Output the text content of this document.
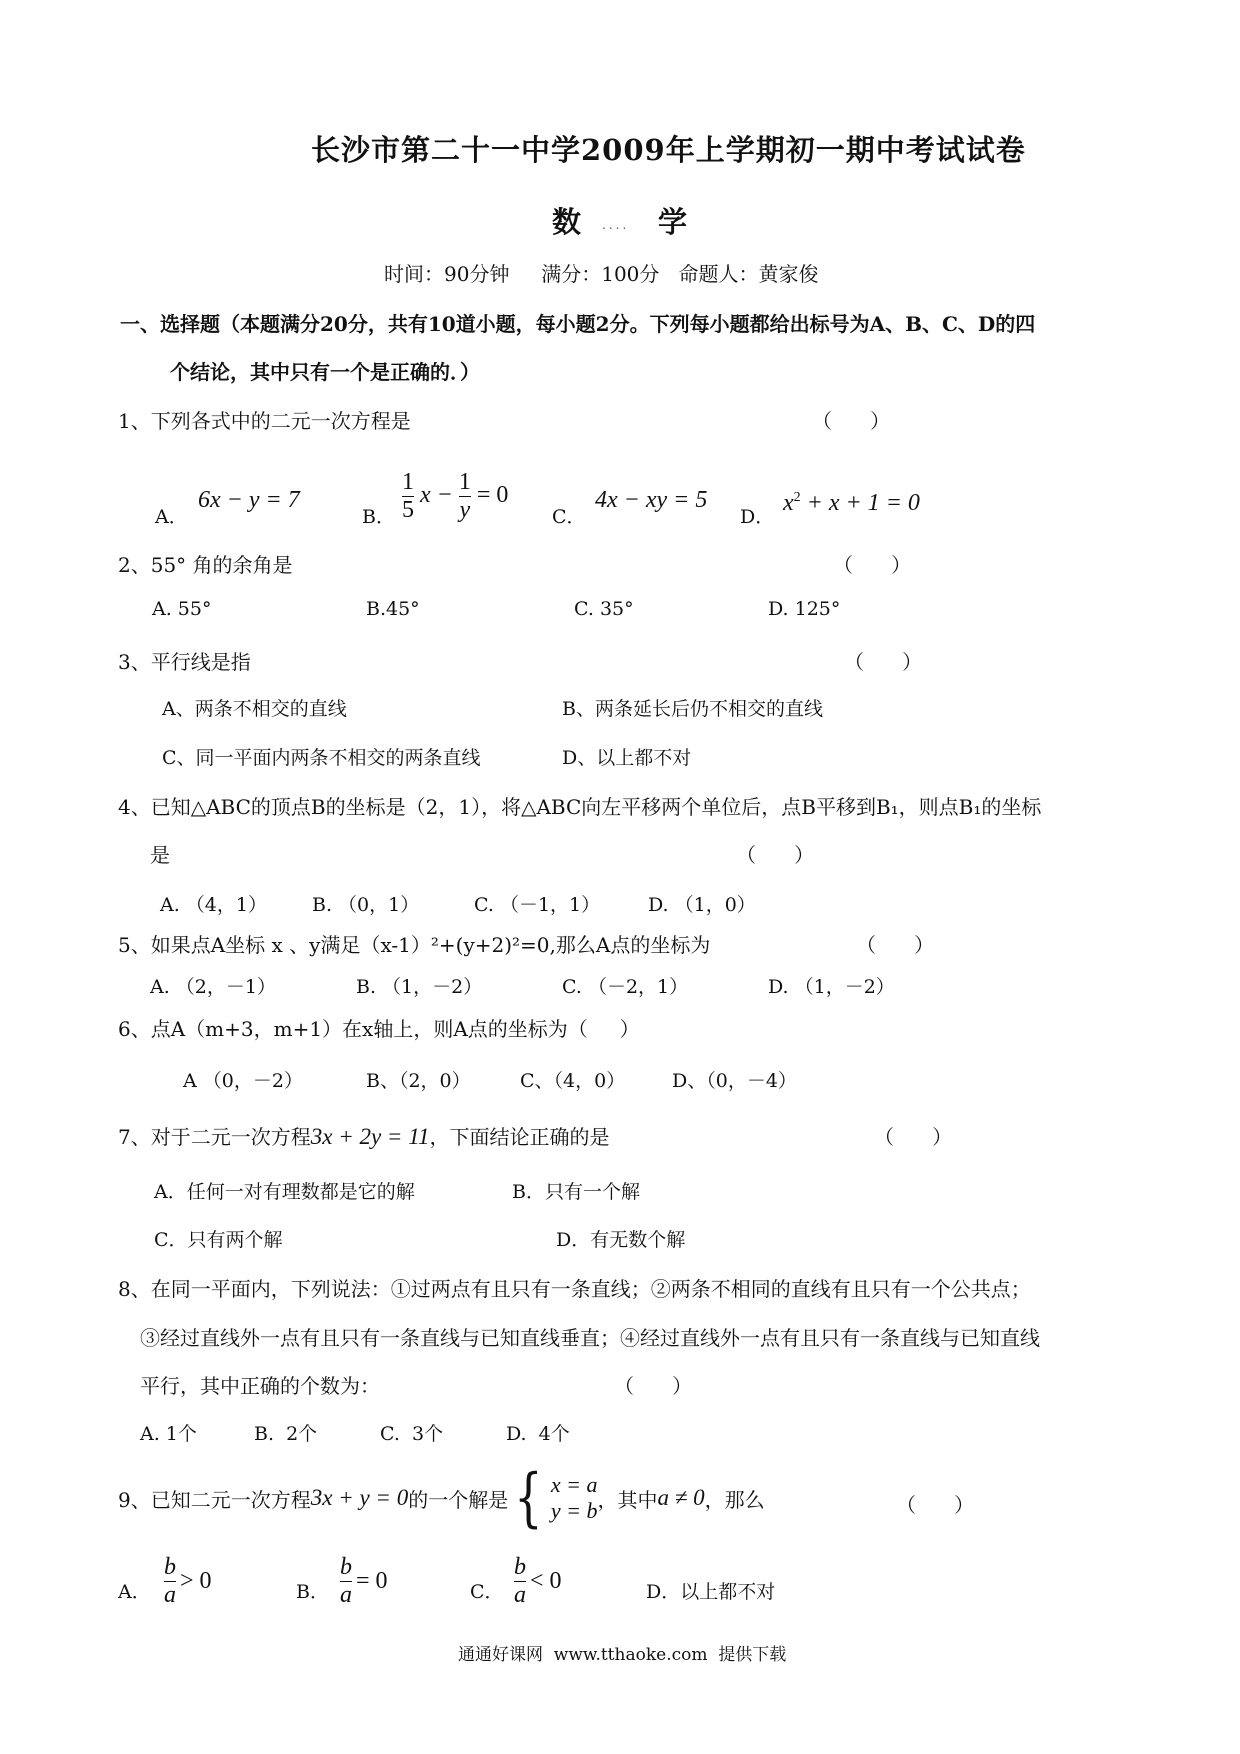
长沙市第二十一中学2009年上学期初一期中考试试卷
数 .... 学
时间：90分钟     满分：100分   命题人：黄家俊
一、选择题（本题满分20分，共有10道小题，每小题2分。下列每小题都给出标号为A、B、C、D的四
个结论，其中只有一个是正确的．）
1、下列各式中的二元一次方程是	（      ）
A．
6x − y = 7
B． $\frac{1}{5}$ $x - \frac{1}{y} = 0$
C．
4x − xy = 5
D．
$x^2 + x + 1 = 0$
2、55° 角的余角是	（      ）
A. 55°	B.45°	C. 35°	D. 125°
3、平行线是指	（      ）
A、两条不相交的直线	B、两条延长后仍不相交的直线
C、同一平面内两条不相交的两条直线	D、以上都不对
4、已知△ABC的顶点B的坐标是（2，1），将△ABC向左平移两个单位后，点B平移到B₁，则点B₁的坐标
是	（      ）
A. （4，1） B. （0，1）	C. （－1，1）	D. （1，0）
5、如果点A坐标 x 、y满足（x-1）²+(y+2)²=0,那么A点的坐标为	（      ）
A. （2，－1）	B. （1，－2）	C. （－2，1）	D. （1，－2）
6、点A（m+3，m+1）在x轴上，则A点的坐标为（     ）
A （0，－2）	B、（2，0）	C、（4，0） D、（0，－4）
7、对于二元一次方程3x + 2y = 11，下面结论正确的是	（      ）
A．任何一对有理数都是它的解	B．只有一个解
C．只有两个解	D．有无数个解
8、在同一平面内，下列说法：①过两点有且只有一条直线；②两条不相同的直线有且只有一个公共点；
③经过直线外一点有且只有一条直线与已知直线垂直；④经过直线外一点有且只有一条直线与已知直线
平行，其中正确的个数为：	（      ）
A. 1个	B.  2个	C.  3个	D.  4个
9、已知二元一次方程 3x + y = 0 的一个解是 { x = a
y = b ，其中 a ≠ 0 ，那么	（      ）
A． $\frac{b}{a} > 0$	B． $\frac{b}{a} = 0$	C． $\frac{b}{a} < 0$	D．以上都不对
通通好课网  www.tthaoke.com  提供下载
